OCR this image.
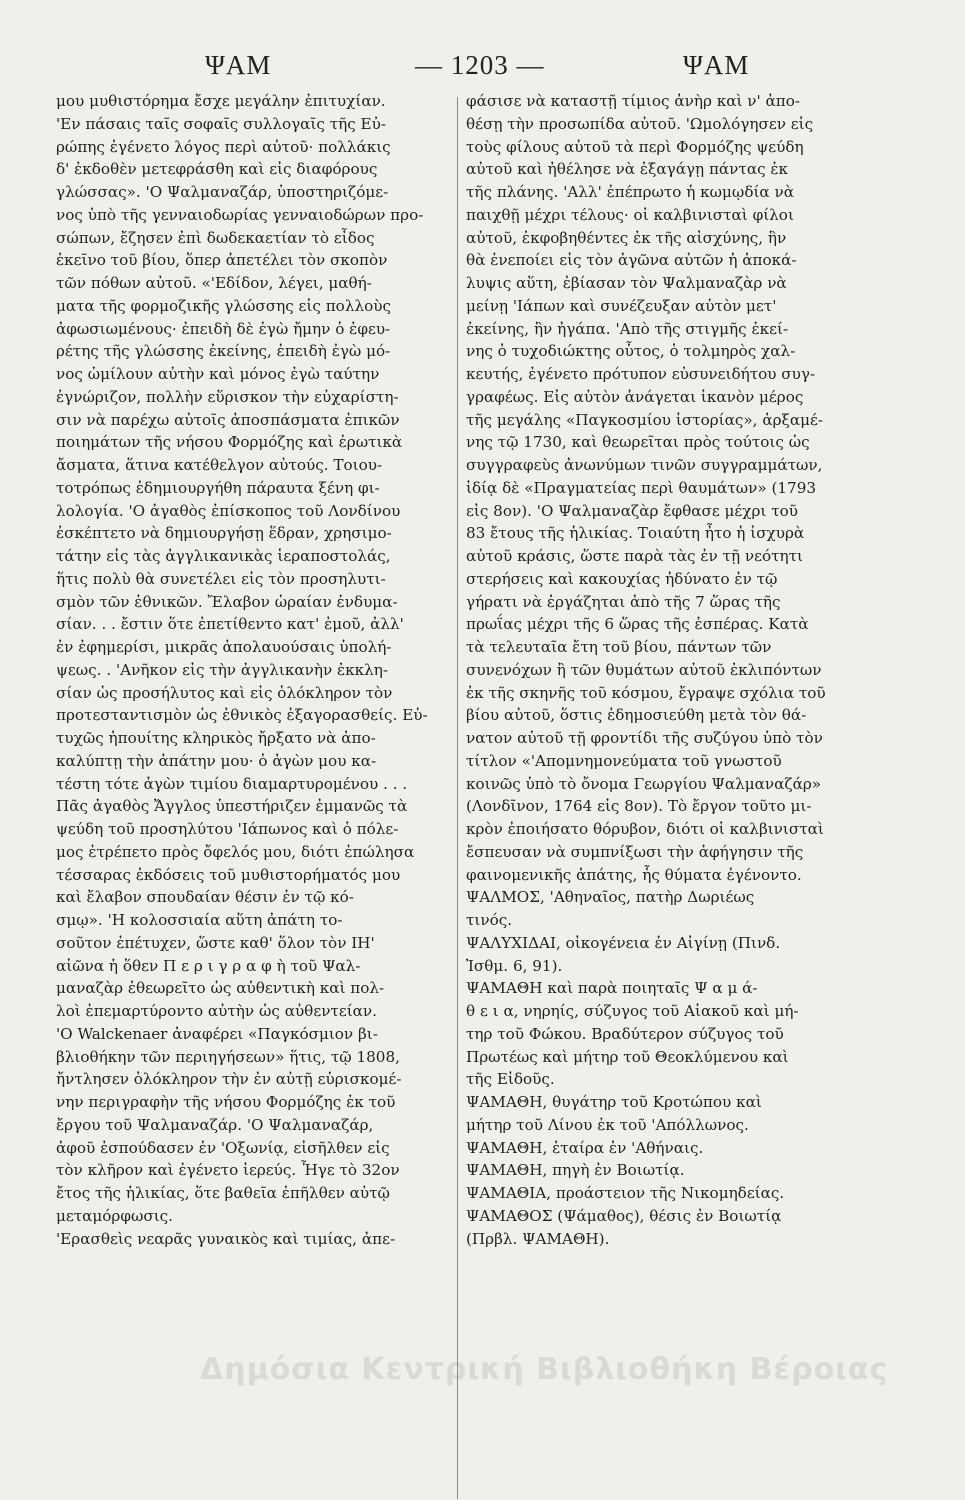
ΨΑΜ	— 1203 —	ΨΑΜ
μου μυθιστόρημα ἔσχε μεγάλην ἐπιτυχίαν.
'Εν πάσαις ταῖς σοφαῖς συλλογαῖς τῆς Εὐ-
ρώπης ἐγένετο λόγος περὶ αὐτοῦ· πολλάκις
δ' ἐκδοθὲν μετεφράσθη καὶ εἰς διαφόρους
γλώσσας». 'Ο Ψαλμαναζάρ, ὑποστηριζόμε-
νος ὑπὸ τῆς γενναιοδωρίας γενναιοδώρων προ-
σώπων, ἔζησεν ἐπὶ δωδεκαετίαν τὸ εἶδος
ἐκεῖνο τοῦ βίου, ὅπερ ἀπετέλει τὸν σκοπὸν
τῶν πόθων αὐτοῦ. «'Εδίδον, λέγει, μαθή-
ματα τῆς φορμοζικῆς γλώσσης εἰς πολλοὺς
ἀφωσιωμένους· ἐπειδὴ δὲ ἐγὼ ἤμην ὁ ἐφευ-
ρέτης τῆς γλώσσης ἐκείνης, ἐπειδὴ ἐγὼ μό-
νος ὡμίλουν αὐτὴν καὶ μόνος ἐγὼ ταύτην
ἐγνώριζον, πολλὴν εὕρισκον τὴν εὐχαρίστη-
σιν νὰ παρέχω αὐτοῖς ἀποσπάσματα ἐπικῶν
ποιημάτων τῆς νήσου Φορμόζης καὶ ἐρωτικὰ
ἄσματα, ἅτινα κατέθελγον αὐτούς. Τοιου-
τοτρόπως ἐδημιουργήθη πάραυτα ξένη φι-
λολογία. 'Ο ἀγαθὸς ἐπίσκοπος τοῦ Λονδίνου
ἐσκέπτετο νὰ δημιουργήσῃ ἕδραν, χρησιμο-
τάτην εἰς τὰς ἀγγλικανικὰς ἱεραποστολάς,
ἥτις πολὺ θὰ συνετέλει εἰς τὸν προσηλυτι-
σμὸν τῶν ἐθνικῶν. Ἔλαβον ὡραίαν ἐνδυμα-
σίαν. . . ἔστιν ὅτε ἐπετίθεντο κατ' ἐμοῦ, ἀλλ'
ἐν ἐφημερίσι, μικρᾶς ἀπολαυούσαις ὑπολή-
ψεως. . 'Ανῆκον εἰς τὴν ἀγγλικανὴν ἐκκλη-
σίαν ὡς προσήλυτος καὶ εἰς ὁλόκληρον τὸν
προτεσταντισμὸν ὡς ἐθνικὸς ἐξαγορασθείς. Εὐ-
τυχῶς ἠπουίτης κληρικὸς ἤρξατο νὰ ἀπο-
καλύπτῃ τὴν ἀπάτην μου· ὁ ἀγὼν μου κα-
τέστη τότε ἀγὼν τιμίου διαμαρτυρομένου . . .
Πᾶς ἀγαθὸς Ἄγγλος ὑπεστήριζεν ἐμμανῶς τὰ
ψεύδη τοῦ προσηλύτου 'Ιάπωνος καὶ ὁ πόλε-
μος ἐτρέπετο πρὸς ὄφελός μου, διότι ἐπώλησα
τέσσαρας ἐκδόσεις τοῦ μυθιστορήματός μου
καὶ ἔλαβον σπουδαίαν θέσιν ἐν τῷ κό-
σμῳ». 'Η κολοσσιαία αὕτη ἀπάτη το-
σοῦτον ἐπέτυχεν, ὥστε καθ' ὅλον τὸν ΙΗ'
αἰῶνα ἡ ὅθεν Π ε ρ ι γ ρ α φ ὴ τοῦ Ψαλ-
μαναζὰρ ἐθεωρεῖτο ὡς αὐθεντικὴ καὶ πολ-
λοὶ ἐπεμαρτύροντο αὐτὴν ὡς αὐθεντείαν.
'Ο Walckenaer ἀναφέρει «Παγκόσμιον βι-
βλιοθήκην τῶν περιηγήσεων» ἥτις, τῷ 1808,
ἤντλησεν ὁλόκληρον τὴν ἐν αὐτῇ εὑρισκομέ-
νην περιγραφὴν τῆς νήσου Φορμόζης ἐκ τοῦ
ἔργου τοῦ Ψαλμαναζάρ. 'Ο Ψαλμαναζάρ,
ἀφοῦ ἐσπούδασεν ἐν 'Οξωνίᾳ, εἰσῆλθεν εἰς
τὸν κλῆρον καὶ ἐγένετο ἱερεύς. Ἦγε τὸ 32ον
ἔτος τῆς ἡλικίας, ὅτε βαθεῖα ἐπῆλθεν αὐτῷ
μεταμόρφωσις.
'Ερασθεὶς νεαρᾶς γυναικὸς καὶ τιμίας, ἀπε-
φάσισε νὰ καταστῇ τίμιος ἀνὴρ καὶ ν' ἀπο-
θέσῃ τὴν προσωπίδα αὐτοῦ. 'Ωμολόγησεν εἰς
τοὺς φίλους αὐτοῦ τὰ περὶ Φορμόζης ψεύδη
αὐτοῦ καὶ ἠθέλησε νὰ ἐξαγάγῃ πάντας ἐκ
τῆς πλάνης. 'Αλλ' ἐπέπρωτο ἡ κωμῳδία νὰ
παιχθῇ μέχρι τέλους· οἱ καλβινισταὶ φίλοι
αὐτοῦ, ἐκφοβηθέντες ἐκ τῆς αἰσχύνης, ἣν
θὰ ἐνεποίει εἰς τὸν ἀγῶνα αὐτῶν ἡ ἀποκά-
λυψις αὕτη, ἐβίασαν τὸν Ψαλμαναζὰρ νὰ
μείνῃ 'Ιάπων καὶ συνέζευξαν αὐτὸν μετ'
ἐκείνης, ἣν ἠγάπα. 'Απὸ τῆς στιγμῆς ἐκεί-
νης ὁ τυχοδιώκτης οὗτος, ὁ τολμηρὸς χαλ-
κευτής, ἐγένετο πρότυπον εὐσυνειδήτου συγ-
γραφέως. Εἰς αὐτὸν ἀνάγεται ἱκανὸν μέρος
τῆς μεγάλης «Παγκοσμίου ἱστορίας», ἀρξαμέ-
νης τῷ 1730, καὶ θεωρεῖται πρὸς τούτοις ὡς
συγγραφεὺς ἀνωνύμων τινῶν συγγραμμάτων,
ἰδίᾳ δὲ «Πραγματείας περὶ θαυμάτων» (1793
εἰς 8ον). 'Ο Ψαλμαναζὰρ ἔφθασε μέχρι τοῦ
83 ἔτους τῆς ἡλικίας. Τοιαύτη ἦτο ἡ ἰσχυρὰ
αὐτοῦ κράσις, ὥστε παρὰ τὰς ἐν τῇ νεότητι
στερήσεις καὶ κακουχίας ἠδύνατο ἐν τῷ
γήρατι νὰ ἐργάζηται ἀπὸ τῆς 7 ὥρας τῆς
πρωΐας μέχρι τῆς 6 ὥρας τῆς ἑσπέρας. Κατὰ
τὰ τελευταῖα ἔτη τοῦ βίου, πάντων τῶν
συνενόχων ἢ τῶν θυμάτων αὐτοῦ ἐκλιπόντων
ἐκ τῆς σκηνῆς τοῦ κόσμου, ἔγραψε σχόλια τοῦ
βίου αὐτοῦ, ὅστις ἐδημοσιεύθη μετὰ τὸν θά-
νατον αὐτοῦ τῇ φροντίδι τῆς συζύγου ὑπὸ τὸν
τίτλον «'Απομνημονεύματα τοῦ γνωστοῦ
κοινῶς ὑπὸ τὸ ὄνομα Γεωργίου Ψαλμαναζάρ»
(Λονδῖνον, 1764 εἰς 8ον). Τὸ ἔργον τοῦτο μι-
κρὸν ἐποιήσατο θόρυβον, διότι οἱ καλβινισταὶ
ἔσπευσαν νὰ συμπνίξωσι τὴν ἀφήγησιν τῆς
φαινομενικῆς ἀπάτης, ἧς θύματα ἐγένοντο.
ΨΑΛΜΟΣ, 'Αθηναῖος, πατὴρ Δωριέως
τινός.
ΨΑΛΥΧΙΔΑΙ, οἰκογένεια ἐν Αἰγίνῃ (Πινδ.
Ἰσθμ. 6, 91).
ΨΑΜΑΘΗ καὶ παρὰ ποιηταῖς Ψ α μ ά-
θ ε ι α, νηρηίς, σύζυγος τοῦ Αἰακοῦ καὶ μή-
τηρ τοῦ Φώκου. Βραδύτερον σύζυγος τοῦ
Πρωτέως καὶ μήτηρ τοῦ Θεοκλύμενου καὶ
τῆς Εἰδοῦς.
ΨΑΜΑΘΗ, θυγάτηρ τοῦ Κροτώπου καὶ
μήτηρ τοῦ Λίνου ἐκ τοῦ 'Απόλλωνος.
ΨΑΜΑΘΗ, ἑταίρα ἐν 'Αθήναις.
ΨΑΜΑΘΗ, πηγὴ ἐν Βοιωτίᾳ.
ΨΑΜΑΘΙΑ, προάστειον τῆς Νικομηδείας.
ΨΑΜΑΘΟΣ (Ψάμαθος), θέσις ἐν Βοιωτίᾳ
(Πρβλ. ΨΑΜΑΘΗ).
Δημόσια Κεντρική Βιβλιοθήκη Βέροιας
